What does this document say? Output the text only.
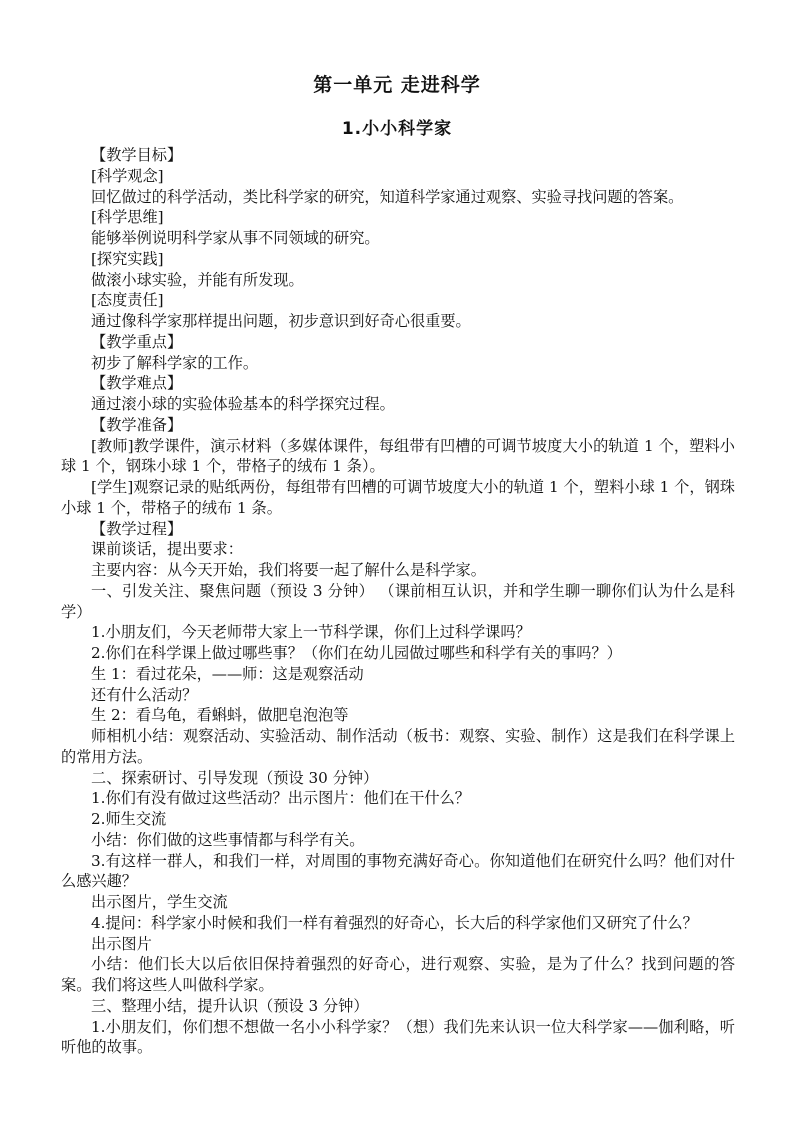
第一单元 走进科学
1.小小科学家

【教学目标】

[科学观念]

回忆做过的科学活动，类比科学家的研究，知道科学家通过观察、实验寻找问题的答案。

[科学思维]

能够举例说明科学家从事不同领域的研究。

[探究实践]

做滚小球实验，并能有所发现。

[态度责任]

通过像科学家那样提出问题，初步意识到好奇心很重要。

【教学重点】

初步了解科学家的工作。

【教学难点】

通过滚小球的实验体验基本的科学探究过程。

【教学准备】

[教师]教学课件，演示材料（多媒体课件，每组带有凹槽的可调节坡度大小的轨道 1 个，塑料小球 1 个，钢珠小球 1 个，带格子的绒布 1 条）。

[学生]观察记录的贴纸两份，每组带有凹槽的可调节坡度大小的轨道 1 个，塑料小球 1 个，钢珠小球 1 个，带格子的绒布 1 条。

【教学过程】

课前谈话，提出要求：

主要内容：从今天开始，我们将要一起了解什么是科学家。

一、引发关注、聚焦问题（预设 3 分钟） （课前相互认识，并和学生聊一聊你们认为什么是科学）

1.小朋友们，今天老师带大家上一节科学课，你们上过科学课吗？

2.你们在科学课上做过哪些事？（你们在幼儿园做过哪些和科学有关的事吗？）

生 1：看过花朵，——师：这是观察活动

还有什么活动？

生 2：看乌龟，看蝌蚪，做肥皂泡泡等

师相机小结：观察活动、实验活动、制作活动（板书：观察、实验、制作）这是我们在科学课上的常用方法。

二、探索研讨、引导发现（预设 30 分钟）

1.你们有没有做过这些活动？出示图片：他们在干什么？

2.师生交流

小结：你们做的这些事情都与科学有关。

3.有这样一群人，和我们一样，对周围的事物充满好奇心。你知道他们在研究什么吗？他们对什么感兴趣？

出示图片，学生交流

4.提问：科学家小时候和我们一样有着强烈的好奇心，长大后的科学家他们又研究了什么？

出示图片

小结：他们长大以后依旧保持着强烈的好奇心，进行观察、实验，是为了什么？找到问题的答案。我们将这些人叫做科学家。

三、整理小结，提升认识（预设 3 分钟）

1.小朋友们，你们想不想做一名小小科学家？（想）我们先来认识一位大科学家——伽利略，听听他的故事。
